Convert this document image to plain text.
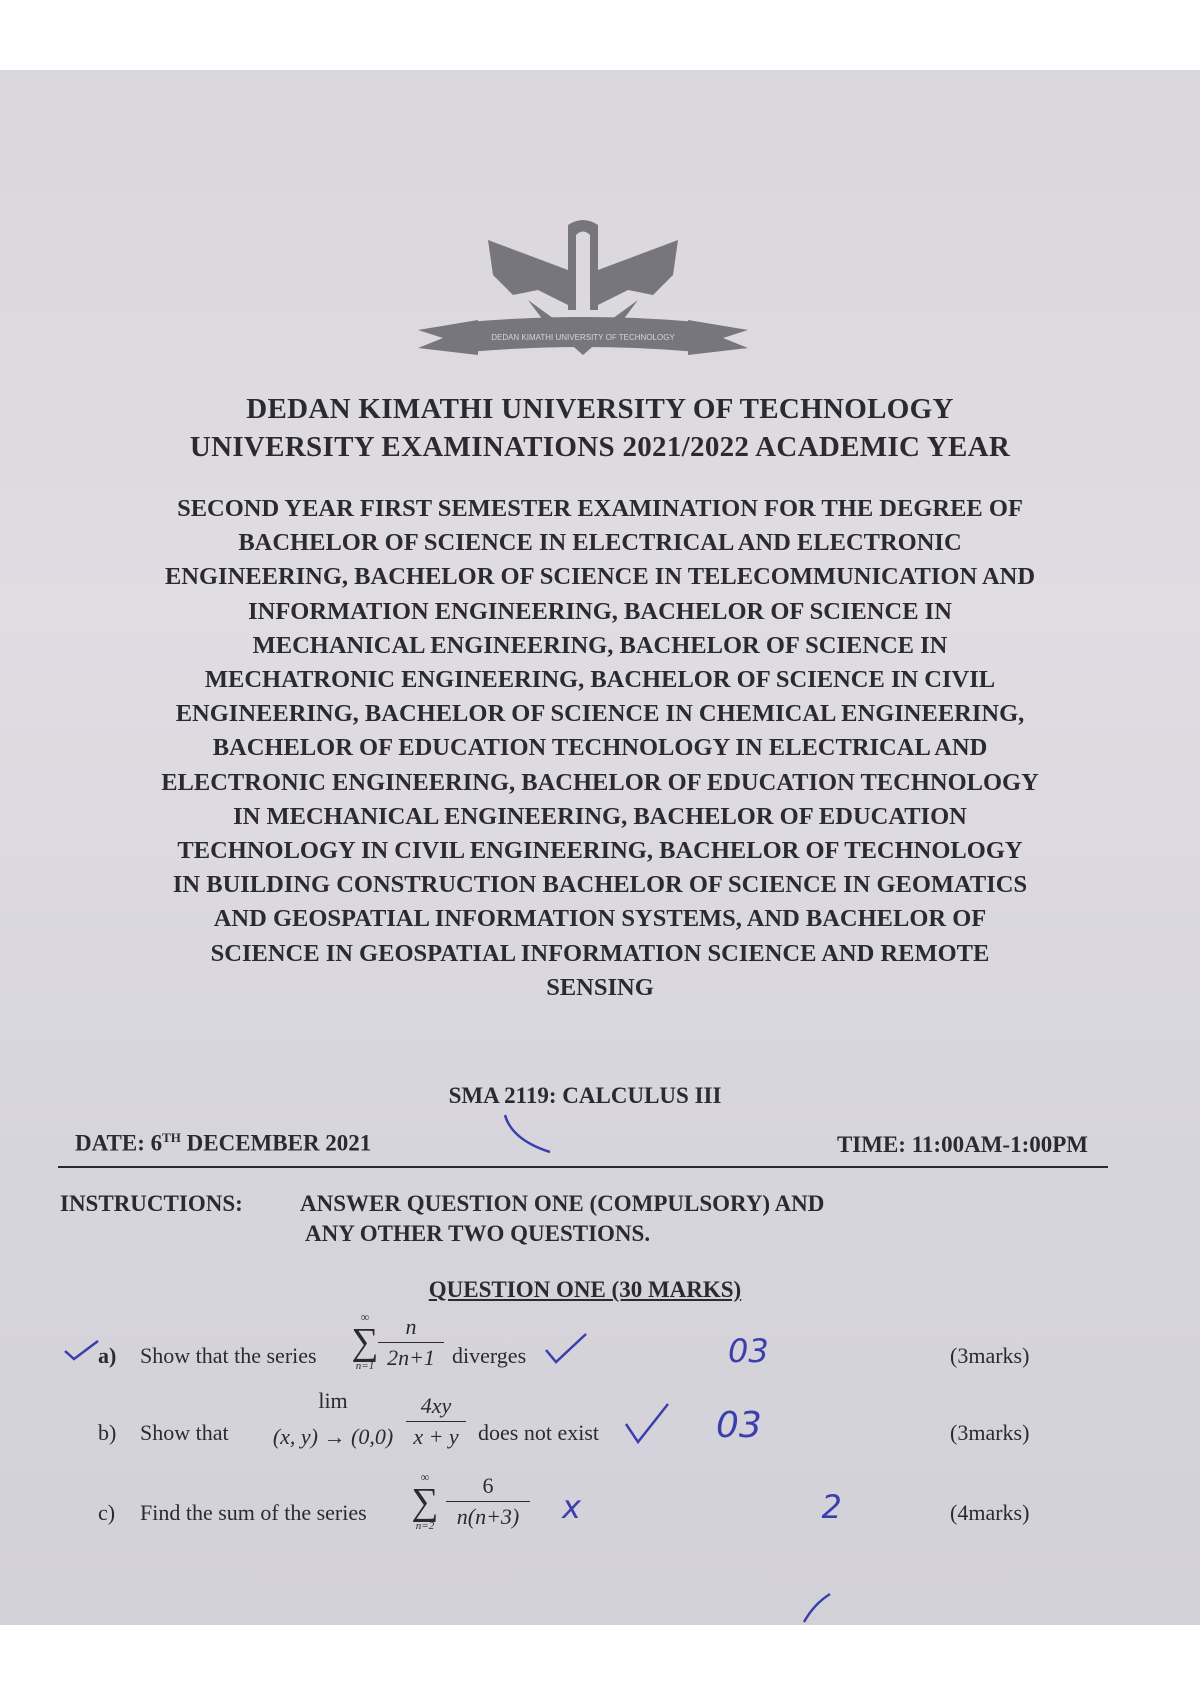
DEDAN KIMATHI UNIVERSITY OF TECHNOLOGY
DEDAN KIMATHI UNIVERSITY OF TECHNOLOGY
UNIVERSITY EXAMINATIONS 2021/2022 ACADEMIC YEAR
SECOND YEAR FIRST SEMESTER EXAMINATION FOR THE DEGREE OF
BACHELOR OF SCIENCE IN ELECTRICAL AND ELECTRONIC
ENGINEERING, BACHELOR OF SCIENCE IN TELECOMMUNICATION AND
INFORMATION ENGINEERING, BACHELOR OF SCIENCE IN
MECHANICAL ENGINEERING, BACHELOR OF SCIENCE IN
MECHATRONIC ENGINEERING, BACHELOR OF SCIENCE IN CIVIL
ENGINEERING, BACHELOR OF SCIENCE IN CHEMICAL ENGINEERING,
BACHELOR OF EDUCATION TECHNOLOGY IN ELECTRICAL AND
ELECTRONIC ENGINEERING, BACHELOR OF EDUCATION TECHNOLOGY
IN MECHANICAL ENGINEERING, BACHELOR OF EDUCATION
TECHNOLOGY IN CIVIL ENGINEERING, BACHELOR OF TECHNOLOGY
IN BUILDING CONSTRUCTION BACHELOR OF SCIENCE IN GEOMATICS
AND GEOSPATIAL INFORMATION SYSTEMS, AND BACHELOR OF
SCIENCE IN GEOSPATIAL INFORMATION SCIENCE AND REMOTE
SENSING
SMA 2119: CALCULUS III
DATE: 6TH DECEMBER 2021	TIME: 11:00AM-1:00PM
INSTRUCTIONS: ANSWER QUESTION ONE (COMPULSORY) AND
ANY OTHER TWO QUESTIONS.
QUESTION ONE (30 MARKS)
a) Show that the series
∞
∑
n=1
n
2n+1 diverges	03	(3marks)
b) Show that
lim
(x, y) → (0,0)
4xy
x + y does not exist	03	(3marks)
c) Find the sum of the series
∞
∑
n=2
6
n(n+3)	x   2	(4marks)
